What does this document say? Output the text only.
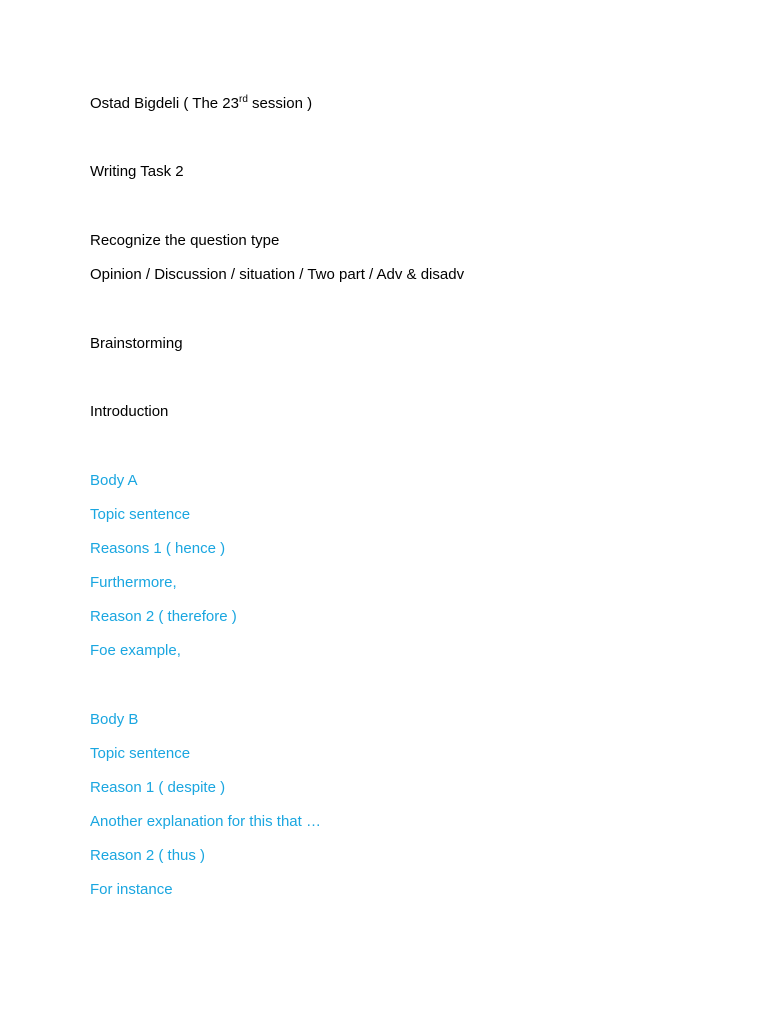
Ostad Bigdeli ( The 23rd session )
Writing Task 2
Recognize the question type
Opinion / Discussion / situation / Two part / Adv & disadv
Brainstorming
Introduction
Body A
Topic sentence
Reasons 1 ( hence )
Furthermore,
Reason 2 ( therefore )
Foe example,
Body B
Topic sentence
Reason 1 ( despite )
Another explanation for this that …
Reason 2 ( thus )
For instance
